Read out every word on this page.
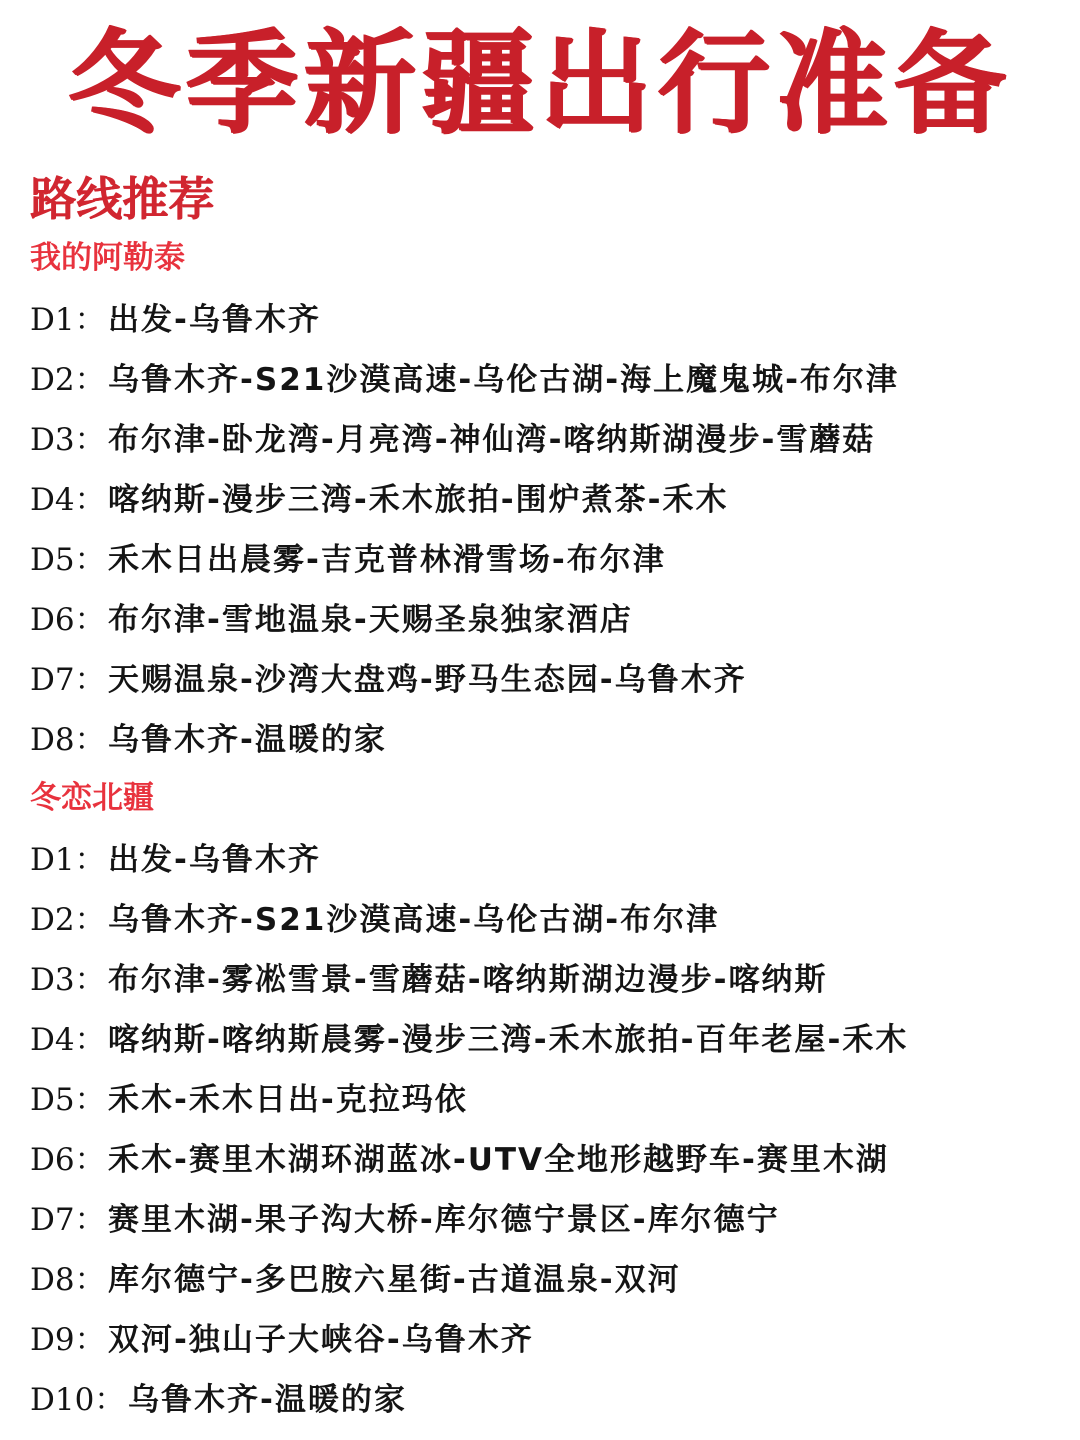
冬季新疆出行准备
路线推荐
我的阿勒泰
D1： 出发-乌鲁木齐
D2： 乌鲁木齐-S21沙漠高速-乌伦古湖-海上魔鬼城-布尔津
D3： 布尔津-卧龙湾-月亮湾-神仙湾-喀纳斯湖漫步-雪蘑菇
D4： 喀纳斯-漫步三湾-禾木旅拍-围炉煮茶-禾木
D5： 禾木日出晨雾-吉克普林滑雪场-布尔津
D6： 布尔津-雪地温泉-天赐圣泉独家酒店
D7： 天赐温泉-沙湾大盘鸡-野马生态园-乌鲁木齐
D8： 乌鲁木齐-温暖的家
冬恋北疆
D1： 出发-乌鲁木齐
D2： 乌鲁木齐-S21沙漠高速-乌伦古湖-布尔津
D3： 布尔津-雾凇雪景-雪蘑菇-喀纳斯湖边漫步-喀纳斯
D4： 喀纳斯-喀纳斯晨雾-漫步三湾-禾木旅拍-百年老屋-禾木
D5： 禾木-禾木日出-克拉玛依
D6： 禾木-赛里木湖环湖蓝冰-UTV全地形越野车-赛里木湖
D7： 赛里木湖-果子沟大桥-库尔德宁景区-库尔德宁
D8： 库尔德宁-多巴胺六星街-古道温泉-双河
D9： 双河-独山子大峡谷-乌鲁木齐
D10： 乌鲁木齐-温暖的家
